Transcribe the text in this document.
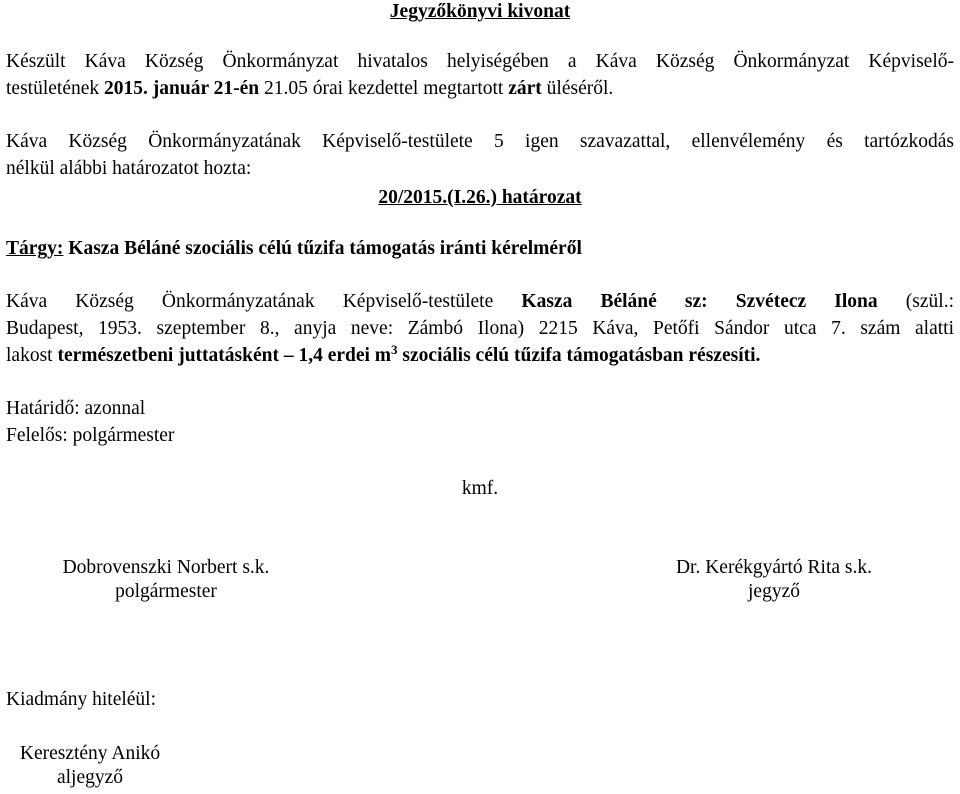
Jegyzőkönyvi kivonat
Készült Káva Község Önkormányzat hivatalos helyiségében a Káva Község Önkormányzat Képviselő-
testületének 2015. január 21-én 21.05 órai kezdettel megtartott zárt üléséről.
Káva Község Önkormányzatának Képviselő-testülete 5 igen szavazattal, ellenvélemény és tartózkodás
nélkül alábbi határozatot hozta:
20/2015.(I.26.) határozat
Tárgy: Kasza Béláné szociális célú tűzifa támogatás iránti kérelméről
Káva Község Önkormányzatának Képviselő-testülete Kasza Béláné sz: Szvétecz Ilona (szül.:
Budapest, 1953. szeptember 8., anyja neve: Zámbó Ilona) 2215 Káva, Petőfi Sándor utca 7. szám alatti
lakost természetbeni juttatásként – 1,4 erdei $m^3$ szociális célú tűzifa támogatásban részesíti.
Határidő: azonnal
Felelős: polgármester
kmf.
Dobrovenszki Norbert s.k.
polgármester
Dr. Kerékgyártó Rita s.k.
jegyző
Kiadmány hiteléül:
Keresztény Anikó
aljegyző
